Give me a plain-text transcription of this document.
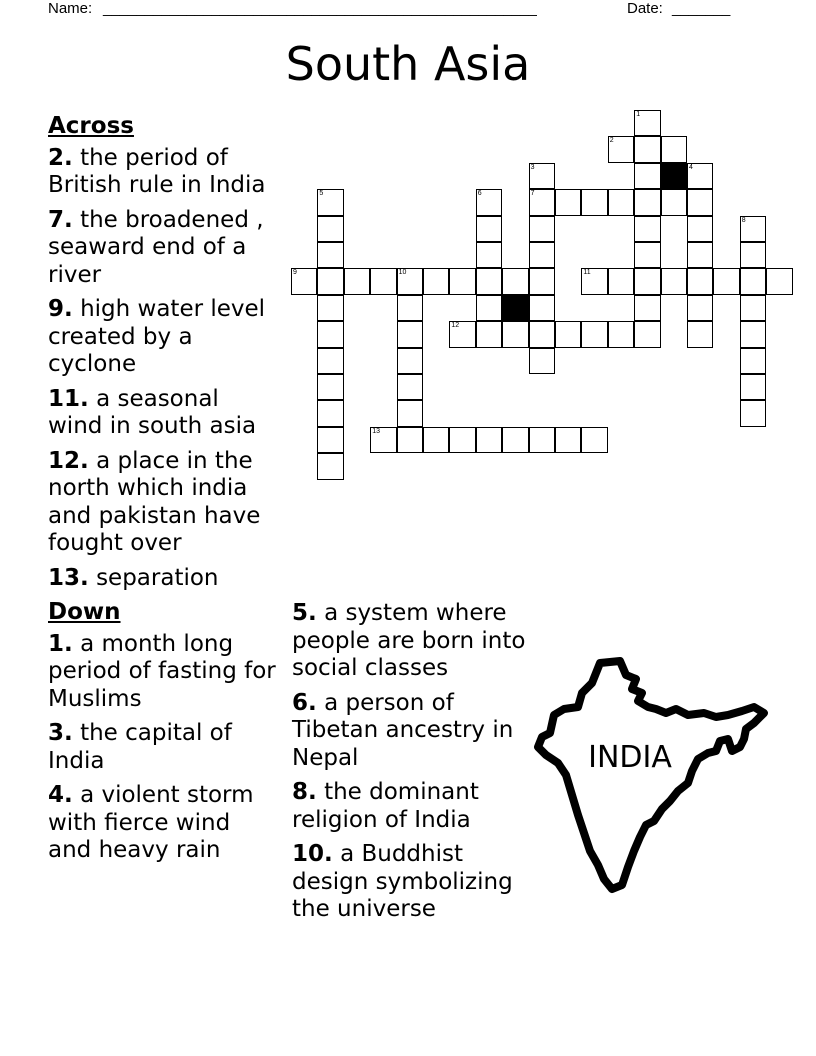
Name: ____________________________________________________	Date: _______
South Asia
2
7
9	10	11
12
13
1
3	4
5	6
8
Across
2. the period of British rule in India
7. the broadened , seaward end of a river
9. high water level created by a cyclone
11. a seasonal wind in south asia
12. a place in the north which india and pakistan have fought over
13. separation
Down
1. a month long period of fasting for Muslims
3. the capital of India
4. a violent storm with fierce wind and heavy rain
5. a system where people are born into social classes
6. a person of Tibetan ancestry in Nepal
8. the dominant religion of India
10. a Buddhist design symbolizing the universe
INDIA
